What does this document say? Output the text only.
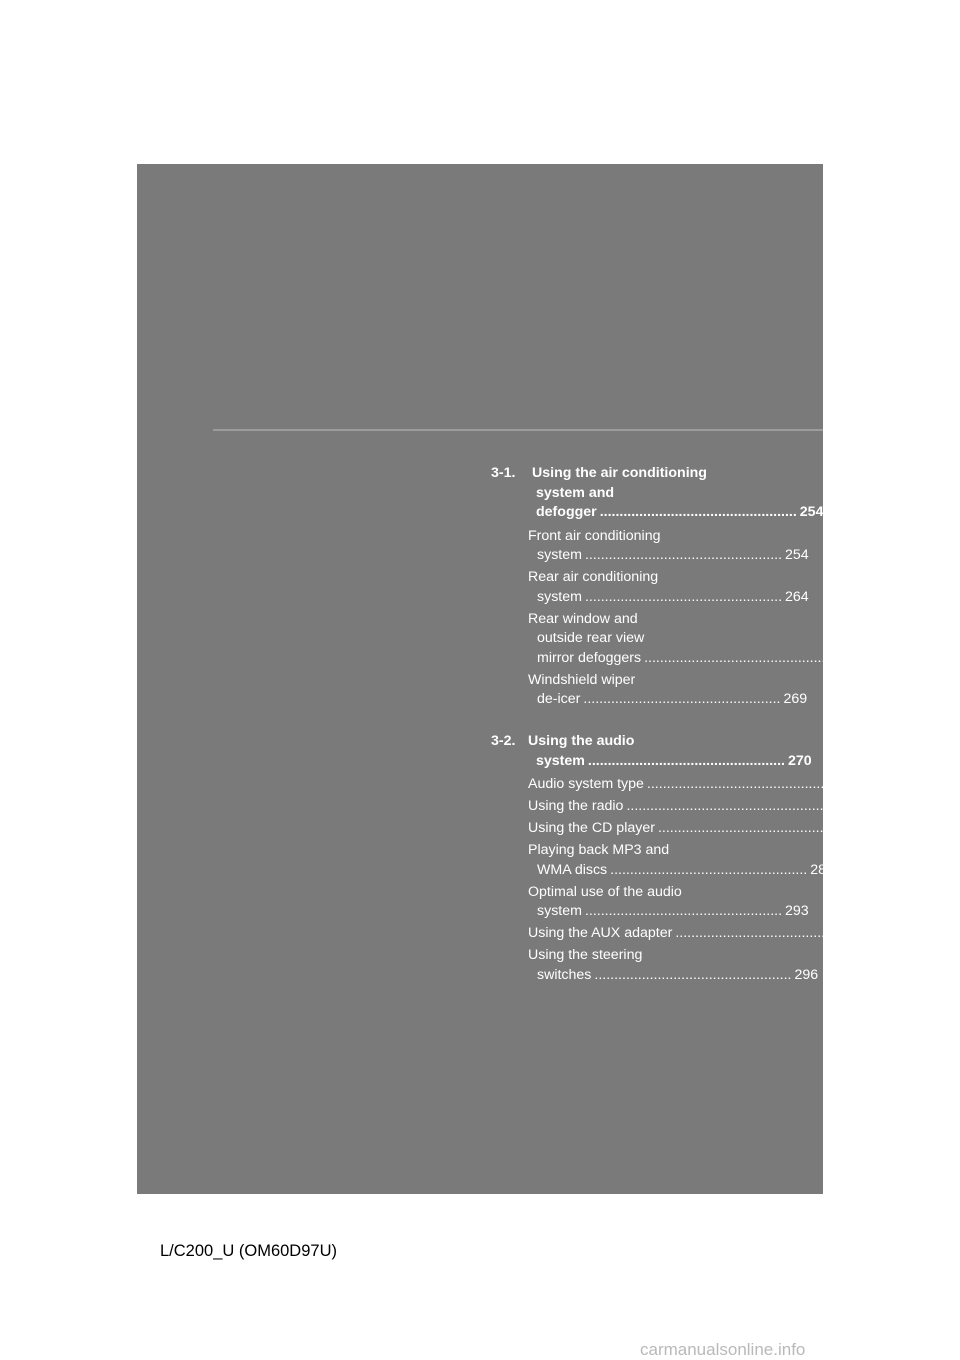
3-1. Using the air conditioning
system and
defogger .................................................. 254
Front air conditioning
system .................................................. 254
Rear air conditioning
system .................................................. 264
Rear window and
outside rear view
mirror defoggers .................................................. 268
Windshield wiper
de-icer .................................................. 269
3-2. Using the audio
system .................................................. 270
Audio system type .................................................. 270
Using the radio .................................................. 272
Using the CD player .................................................. 277
Playing back MP3 and
WMA discs .................................................. 285
Optimal use of the audio
system .................................................. 293
Using the AUX adapter .................................................. 295
Using the steering
switches .................................................. 296
252
L/C200_U (OM60D97U)
carmanualsonline.info
